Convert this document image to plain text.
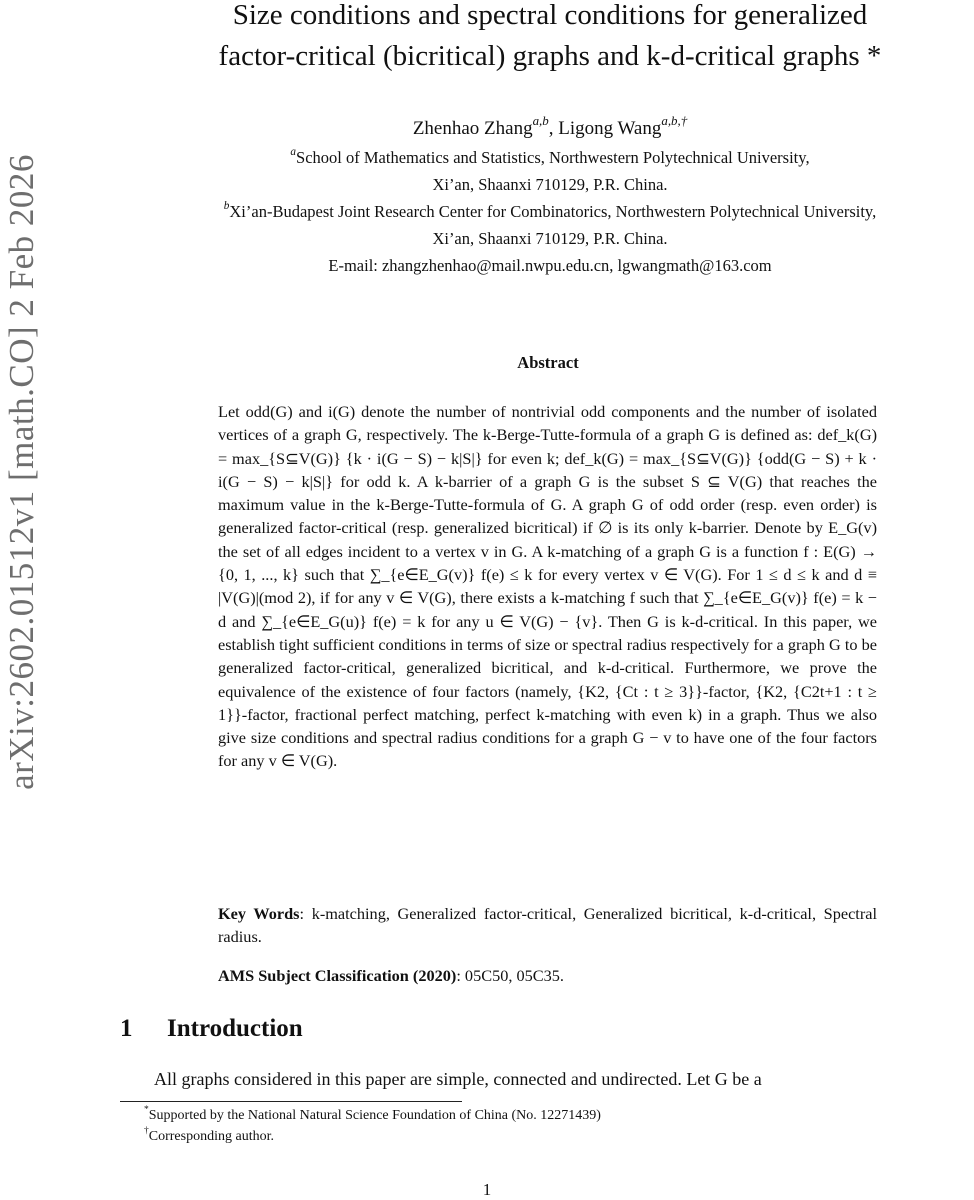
arXiv:2602.01512v1 [math.CO] 2 Feb 2026
Size conditions and spectral conditions for generalized
factor-critical (bicritical) graphs and k-d-critical graphs *
Zhenhao Zhang$^{a,b}$, Ligong Wang$^{a,b,\dagger}$
$^a$School of Mathematics and Statistics, Northwestern Polytechnical University,
Xi’an, Shaanxi 710129, P.R. China.
$^b$Xi’an-Budapest Joint Research Center for Combinatorics, Northwestern Polytechnical University,
Xi’an, Shaanxi 710129, P.R. China.
E-mail: zhangzhenhao@mail.nwpu.edu.cn, lgwangmath@163.com
Abstract

Let odd(G) and i(G) denote the number of nontrivial odd components and the number of isolated vertices of a graph G, respectively. The k-Berge-Tutte-formula of a graph G is defined as: def_k(G) = max_{S⊆V(G)} {k · i(G − S) − k|S|} for even k; def_k(G) = max_{S⊆V(G)} {odd(G − S) + k · i(G − S) − k|S|} for odd k. A k-barrier of a graph G is the subset S ⊆ V(G) that reaches the maximum value in the k-Berge-Tutte-formula of G. A graph G of odd order (resp. even order) is generalized factor-critical (resp. generalized bicritical) if ∅ is its only k-barrier. Denote by E_G(v) the set of all edges incident to a vertex v in G. A k-matching of a graph G is a function f : E(G) → {0, 1, ..., k} such that ∑_{e∈E_G(v)} f(e) ≤ k for every vertex v ∈ V(G). For 1 ≤ d ≤ k and d ≡ |V(G)|(mod 2), if for any v ∈ V(G), there exists a k-matching f such that ∑_{e∈E_G(v)} f(e) = k − d and ∑_{e∈E_G(u)} f(e) = k for any u ∈ V(G) − {v}. Then G is k-d-critical. In this paper, we establish tight sufficient conditions in terms of size or spectral radius respectively for a graph G to be generalized factor-critical, generalized bicritical, and k-d-critical. Furthermore, we prove the equivalence of the existence of four factors (namely, {K2, {Ct : t ≥ 3}}-factor, {K2, {C2t+1 : t ≥ 1}}-factor, fractional perfect matching, perfect k-matching with even k) in a graph. Thus we also give size conditions and spectral radius conditions for a graph G − v to have one of the four factors for any v ∈ V(G).

Key Words: k-matching, Generalized factor-critical, Generalized bicritical, k-d-critical, Spectral radius.

AMS Subject Classification (2020): 05C50, 05C35.

1 Introduction

All graphs considered in this paper are simple, connected and undirected. Let G be a

*Supported by the National Natural Science Foundation of China (No. 12271439)
†Corresponding author.
1
